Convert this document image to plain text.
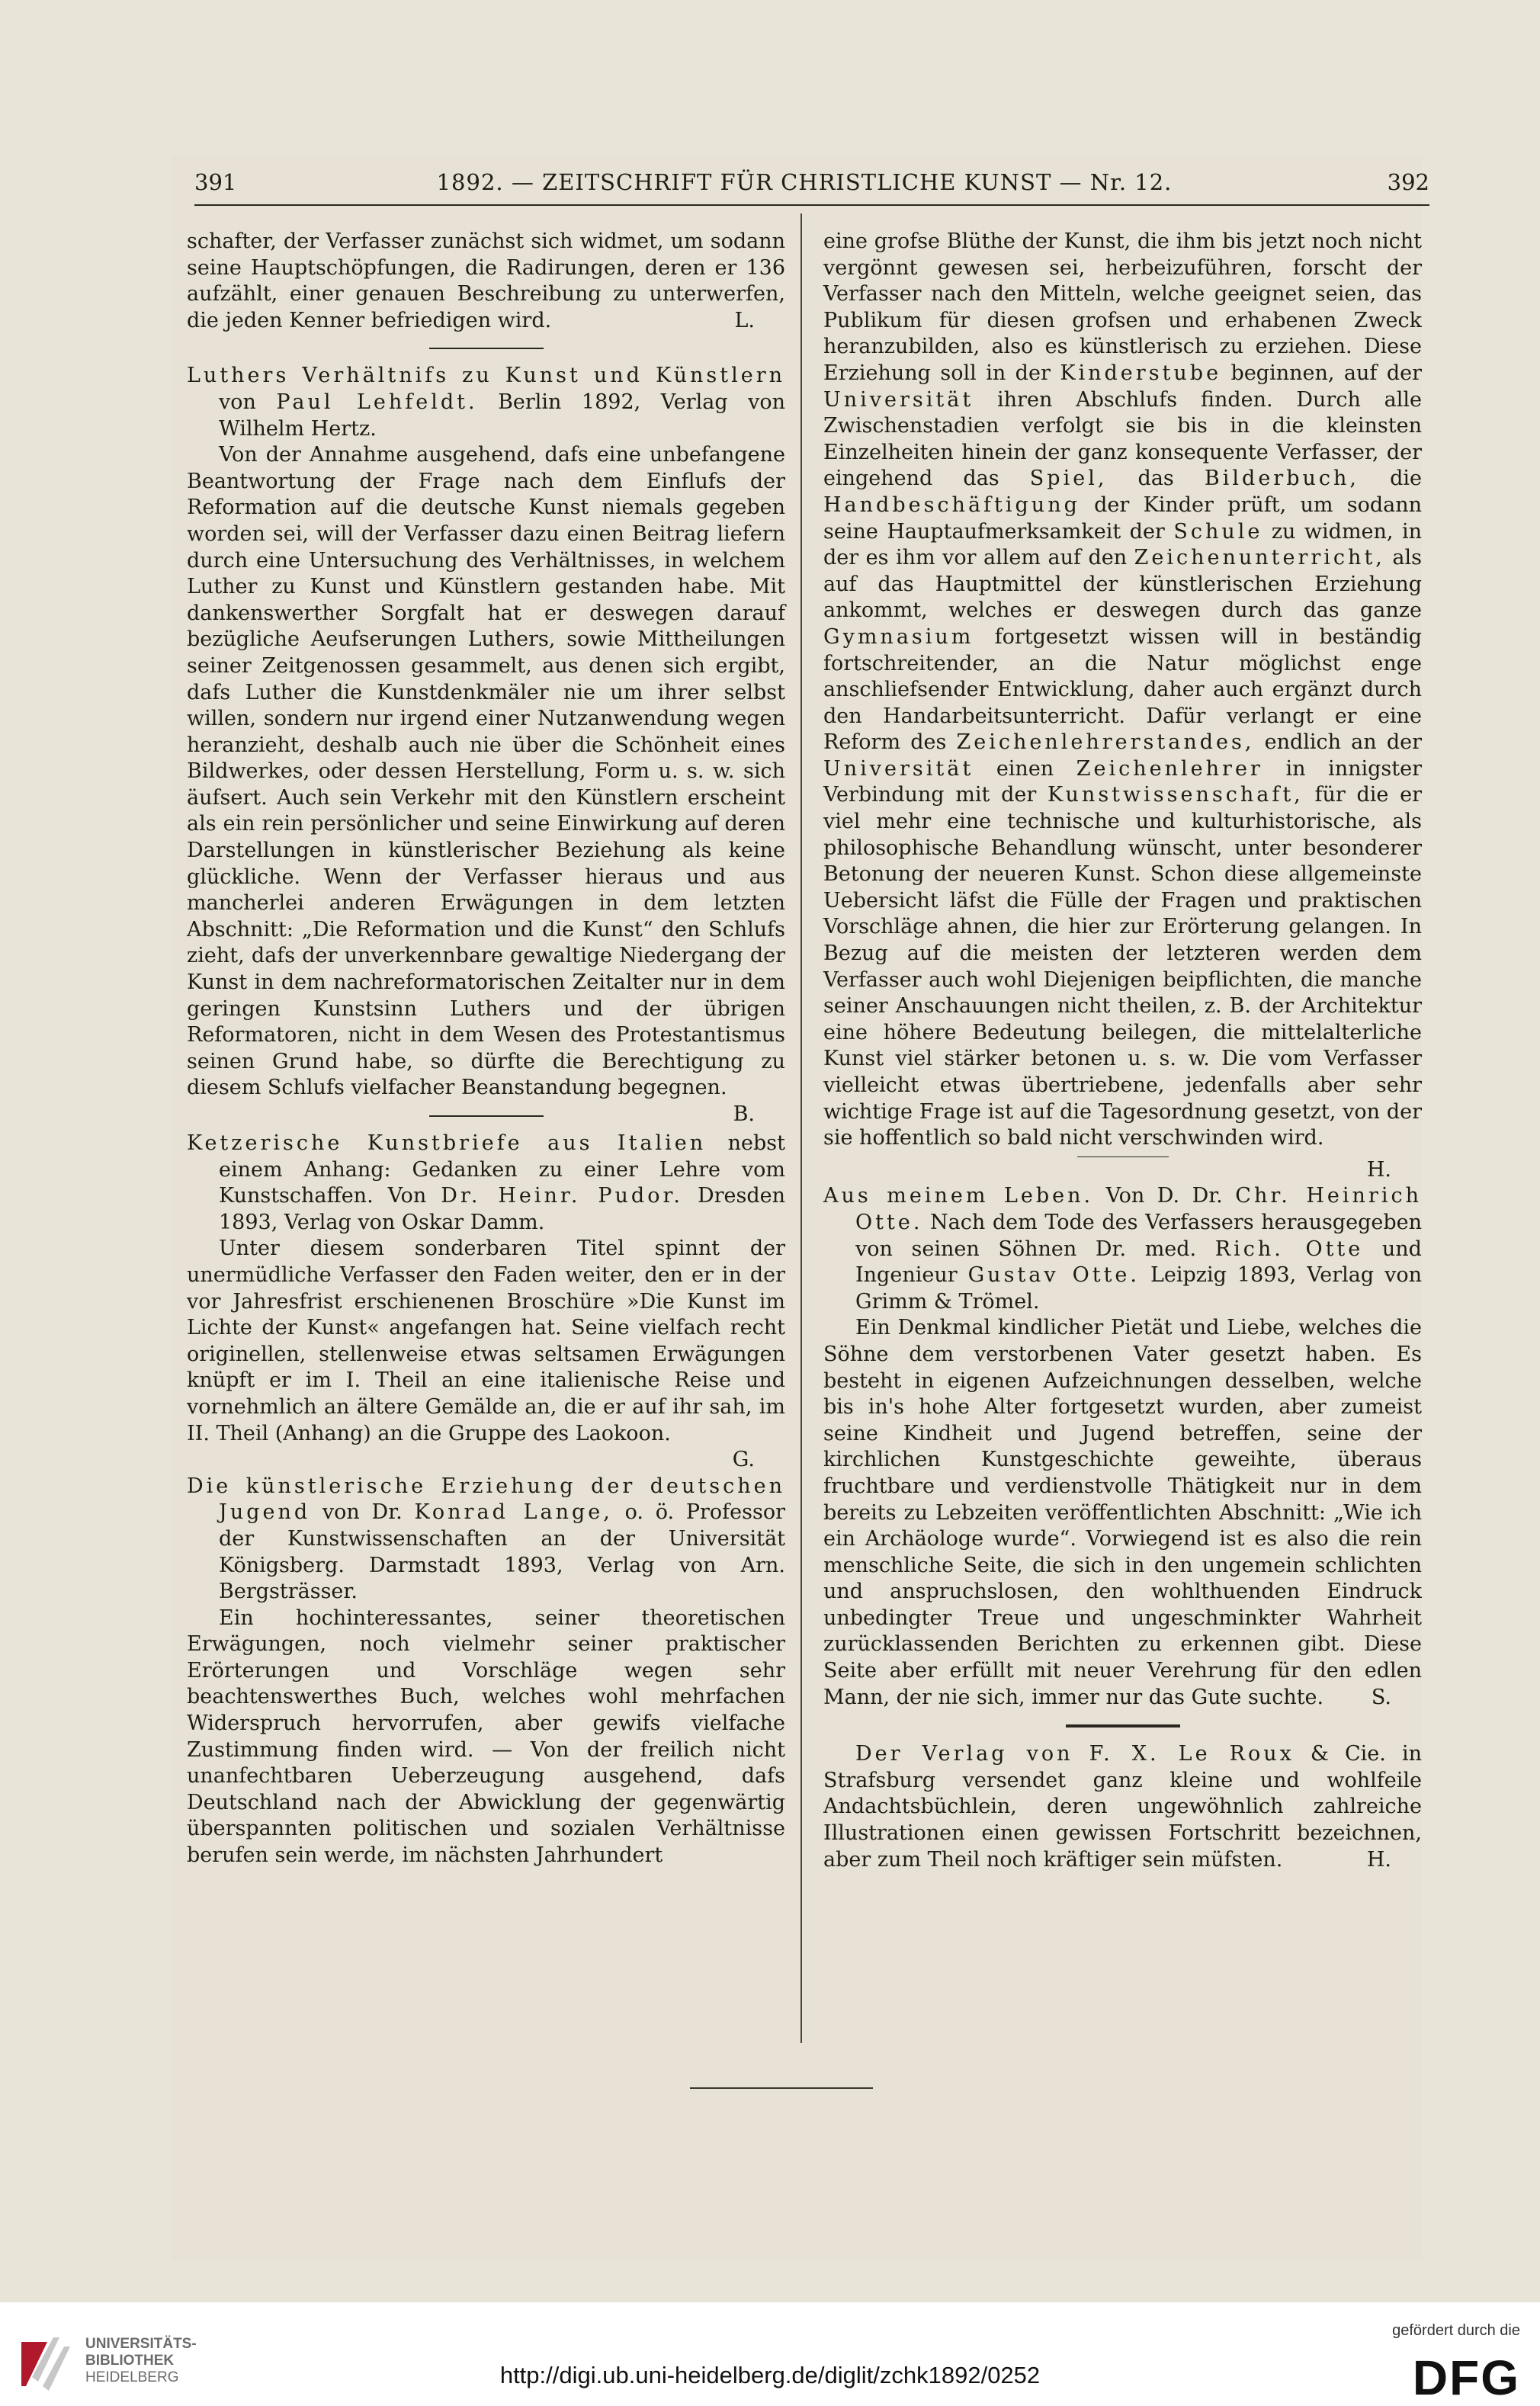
391	1892. — ZEITSCHRIFT FÜR CHRISTLICHE KUNST — Nr. 12.	392

schafter, der Verfasser zunächst sich widmet, um sodann seine Hauptschöpfungen, die Radirungen, deren er 136 aufzählt, einer genauen Beschreibung zu unterwerfen, die jeden Kenner befriedigen wird.	L.

Luthers Verhältnifs zu Kunst und Künstlern von Paul Lehfeldt. Berlin 1892, Verlag von Wilhelm Hertz.

Von der Annahme ausgehend, dafs eine unbefangene Beantwortung der Frage nach dem Einflufs der Reformation auf die deutsche Kunst niemals gegeben worden sei, will der Verfasser dazu einen Beitrag liefern durch eine Untersuchung des Verhältnisses, in welchem Luther zu Kunst und Künstlern gestanden habe. Mit dankenswerther Sorgfalt hat er deswegen darauf bezügliche Aeufserungen Luthers, sowie Mittheilungen seiner Zeitgenossen gesammelt, aus denen sich ergibt, dafs Luther die Kunstdenkmäler nie um ihrer selbst willen, sondern nur irgend einer Nutzanwendung wegen heranzieht, deshalb auch nie über die Schönheit eines Bildwerkes, oder dessen Herstellung, Form u. s. w. sich äufsert. Auch sein Verkehr mit den Künstlern erscheint als ein rein persönlicher und seine Einwirkung auf deren Darstellungen in künstlerischer Beziehung als keine glückliche. Wenn der Verfasser hieraus und aus mancherlei anderen Erwägungen in dem letzten Abschnitt: „Die Reformation und die Kunst“ den Schlufs zieht, dafs der unverkennbare gewaltige Niedergang der Kunst in dem nachreformatorischen Zeitalter nur in dem geringen Kunstsinn Luthers und der übrigen Reformatoren, nicht in dem Wesen des Protestantismus seinen Grund habe, so dürfte die Berechtigung zu diesem Schlufs vielfacher Beanstandung begegnen.
B.

Ketzerische Kunstbriefe aus Italien nebst einem Anhang: Gedanken zu einer Lehre vom Kunstschaffen. Von Dr. Heinr. Pudor. Dresden 1893, Verlag von Oskar Damm.

Unter diesem sonderbaren Titel spinnt der unermüdliche Verfasser den Faden weiter, den er in der vor Jahresfrist erschienenen Broschüre »Die Kunst im Lichte der Kunst« angefangen hat. Seine vielfach recht originellen, stellenweise etwas seltsamen Erwägungen knüpft er im I. Theil an eine italienische Reise und vornehmlich an ältere Gemälde an, die er auf ihr sah, im II. Theil (Anhang) an die Gruppe des Laokoon.

G.

Die künstlerische Erziehung der deutschen Jugend von Dr. Konrad Lange, o. ö. Professor der Kunstwissenschaften an der Universität Königsberg. Darmstadt 1893, Verlag von Arn. Bergsträsser.

Ein hochinteressantes, seiner theoretischen Erwägungen, noch vielmehr seiner praktischer Erörterungen und Vorschläge wegen sehr beachtenswerthes Buch, welches wohl mehrfachen Widerspruch hervorrufen, aber gewifs vielfache Zustimmung finden wird. — Von der freilich nicht unanfechtbaren Ueberzeugung ausgehend, dafs Deutschland nach der Abwicklung der gegenwärtig überspannten politischen und sozialen Verhältnisse berufen sein werde, im nächsten Jahrhundert

eine grofse Blüthe der Kunst, die ihm bis jetzt noch nicht vergönnt gewesen sei, herbeizuführen, forscht der Verfasser nach den Mitteln, welche geeignet seien, das Publikum für diesen grofsen und erhabenen Zweck heranzubilden, also es künstlerisch zu erziehen. Diese Erziehung soll in der Kinderstube beginnen, auf der Universität ihren Abschlufs finden. Durch alle Zwischenstadien verfolgt sie bis in die kleinsten Einzelheiten hinein der ganz konsequente Verfasser, der eingehend das Spiel, das Bilderbuch, die Handbeschäftigung der Kinder prüft, um sodann seine Hauptaufmerksamkeit der Schule zu widmen, in der es ihm vor allem auf den Zeichenunterricht, als auf das Hauptmittel der künstlerischen Erziehung ankommt, welches er deswegen durch das ganze Gymnasium fortgesetzt wissen will in beständig fortschreitender, an die Natur möglichst enge anschliefsender Entwicklung, daher auch ergänzt durch den Handarbeitsunterricht. Dafür verlangt er eine Reform des Zeichenlehrerstandes, endlich an der Universität einen Zeichenlehrer in innigster Verbindung mit der Kunstwissenschaft, für die er viel mehr eine technische und kulturhistorische, als philosophische Behandlung wünscht, unter besonderer Betonung der neueren Kunst. Schon diese allgemeinste Uebersicht läfst die Fülle der Fragen und praktischen Vorschläge ahnen, die hier zur Erörterung gelangen. In Bezug auf die meisten der letzteren werden dem Verfasser auch wohl Diejenigen beipflichten, die manche seiner Anschauungen nicht theilen, z. B. der Architektur eine höhere Bedeutung beilegen, die mittelalterliche Kunst viel stärker betonen u. s. w. Die vom Verfasser vielleicht etwas übertriebene, jedenfalls aber sehr wichtige Frage ist auf die Tagesordnung gesetzt, von der sie hoffentlich so bald nicht verschwinden wird.

H.

Aus meinem Leben. Von D. Dr. Chr. Heinrich Otte. Nach dem Tode des Verfassers herausgegeben von seinen Söhnen Dr. med. Rich. Otte und Ingenieur Gustav Otte. Leipzig 1893, Verlag von Grimm & Trömel.

Ein Denkmal kindlicher Pietät und Liebe, welches die Söhne dem verstorbenen Vater gesetzt haben. Es besteht in eigenen Aufzeichnungen desselben, welche bis in's hohe Alter fortgesetzt wurden, aber zumeist seine Kindheit und Jugend betreffen, seine der kirchlichen Kunstgeschichte geweihte, überaus fruchtbare und verdienstvolle Thätigkeit nur in dem bereits zu Lebzeiten veröffentlichten Abschnitt: „Wie ich ein Archäologe wurde“. Vorwiegend ist es also die rein menschliche Seite, die sich in den ungemein schlichten und anspruchslosen, den wohlthuenden Eindruck unbedingter Treue und ungeschminkter Wahrheit zurücklassenden Berichten zu erkennen gibt. Diese Seite aber erfüllt mit neuer Verehrung für den edlen Mann, der nie sich, immer nur das Gute suchte.	S.

Der Verlag von F. X. Le Roux & Cie. in Strafsburg versendet ganz kleine und wohlfeile Andachtsbüchlein, deren ungewöhnlich zahlreiche Illustrationen einen gewissen Fortschritt bezeichnen, aber zum Theil noch kräftiger sein müfsten.	H.

UNIVERSITÄTS-
BIBLIOTHEK
HEIDELBERG	http://digi.ub.uni-heidelberg.de/diglit/zchk1892/0252
gefördert durch die
DFG
